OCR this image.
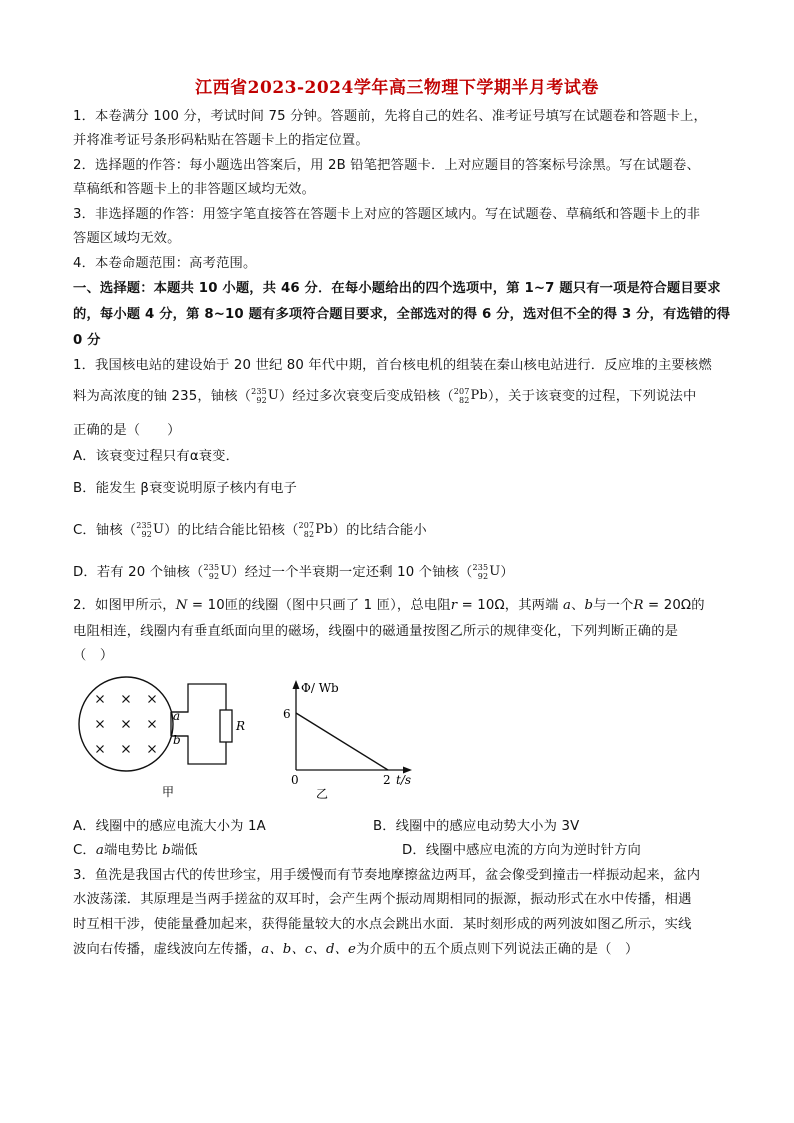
江西省2023-2024学年高三物理下学期半月考试卷
1．本卷满分 100 分，考试时间 75 分钟。答题前，先将自己的姓名、准考证号填写在试题卷和答题卡上，
并将准考证号条形码粘贴在答题卡上的指定位置。
2．选择题的作答：每小题选出答案后，用 2B 铅笔把答题卡．上对应题目的答案标号涂黑。写在试题卷、
草稿纸和答题卡上的非答题区域均无效。
3．非选择题的作答：用签字笔直接答在答题卡上对应的答题区域内。写在试题卷、草稿纸和答题卡上的非
答题区域均无效。
4．本卷命题范围：高考范围。
一、选择题：本题共 10 小题，共 46 分．在每小题给出的四个选项中，第 1~7 题只有一项是符合题目要求
的，每小题 4 分，第 8~10 题有多项符合题目要求，全部选对的得 6 分，选对但不全的得 3 分，有选错的得
0 分
1．我国核电站的建设始于 20 世纪 80 年代中期，首台核电机的组装在秦山核电站进行．反应堆的主要核燃
料为高浓度的铀 235，铀核（ 235
92 U ）经过多次衰变后变成铅核（ 207
82 Pb ），关于该衰变的过程，下列说法中
正确的是（　　）
A．该衰变过程只有α衰变．
B．能发生 β衰变说明原子核内有电子
C．铀核（ 235
92 U ）的比结合能比铅核（ 207
82 Pb ）的比结合能小
D．若有 20 个铀核（ 235
92 U ）经过一个半衰期一定还剩 10 个铀核（ 235
92 U ）
2．如图甲所示，N = 10匝的线圈（图中只画了 1 匝），总电阻r = 10Ω，其两端 a、b与一个R = 20Ω的
电阻相连，线圈内有垂直纸面向里的磁场，线圈中的磁通量按图乙所示的规律变化，下列判断正确的是
（　）
a
b
R
甲
Φ/ Wb
6
0	2 t/s
乙
A．线圈中的感应电流大小为 1A	B．线圈中的感应电动势大小为 3V
C．a端电势比 b端低	D．线圈中感应电流的方向为逆时针方向
3．鱼洗是我国古代的传世珍宝，用手缓慢而有节奏地摩擦盆边两耳，盆会像受到撞击一样振动起来，盆内
水波荡漾．其原理是当两手搓盆的双耳时，会产生两个振动周期相同的振源，振动形式在水中传播，相遇
时互相干涉，使能量叠加起来，获得能量较大的水点会跳出水面．某时刻形成的两列波如图乙所示，实线
波向右传播，虚线波向左传播，a、b、c、d、e为介质中的五个质点则下列说法正确的是（　）
